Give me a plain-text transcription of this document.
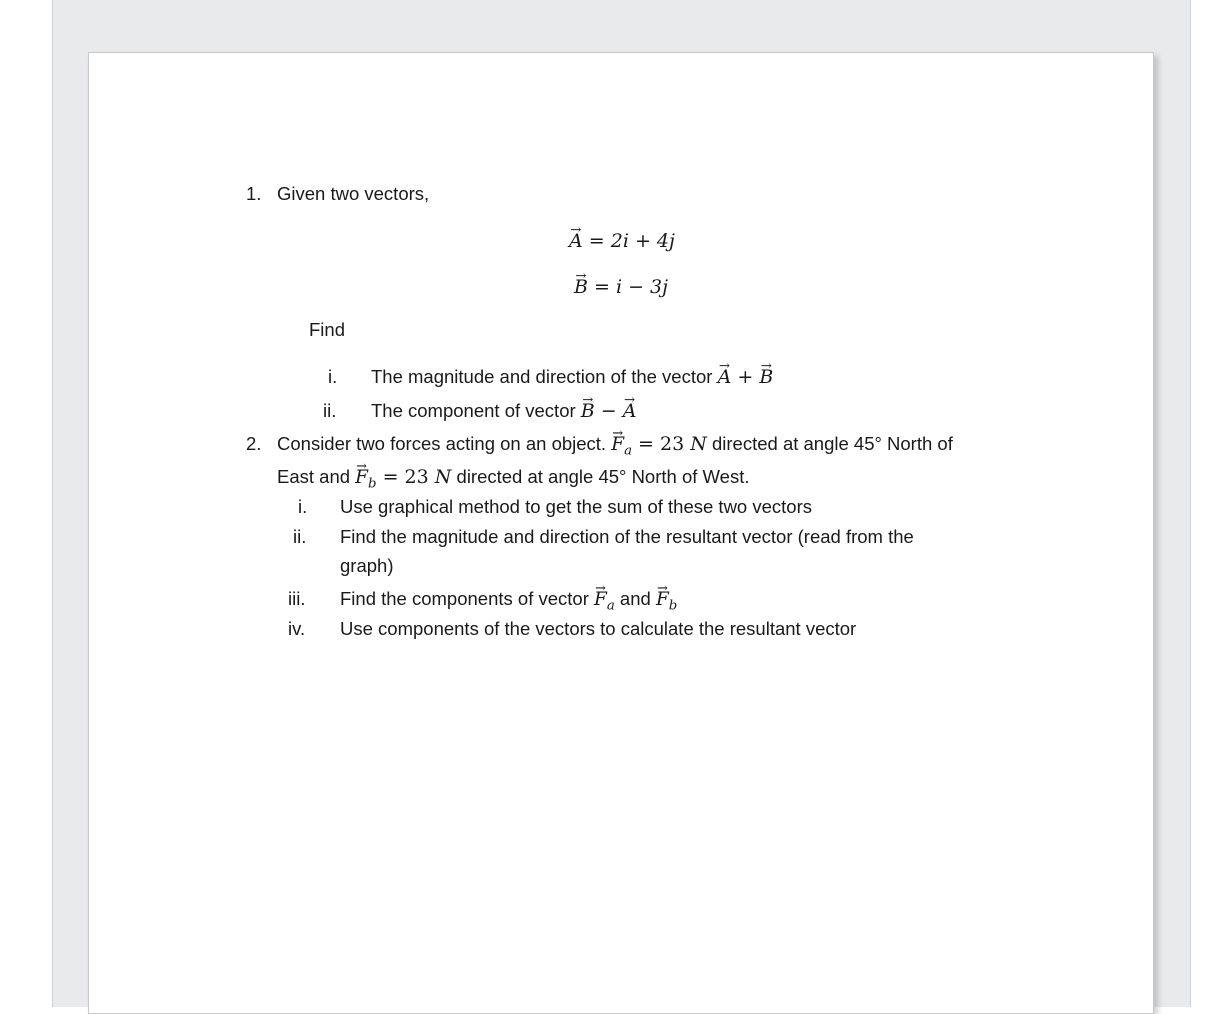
1. Given two vectors,
→ A = 2i + 4j
→ B = i − 3j
Find
i. The magnitude and direction of the vector → A + → B
ii. The component of vector → B − → A
2. Consider two forces acting on an object. → $F_a = 23$ N directed at angle 45° North of
East and → $F_b = 23$ N directed at angle 45° North of West.
i. Use graphical method to get the sum of these two vectors
ii. Find the magnitude and direction of the resultant vector (read from the
graph)
iii. Find the components of vector → $F_a$ and → $F_b$
iv. Use components of the vectors to calculate the resultant vector
